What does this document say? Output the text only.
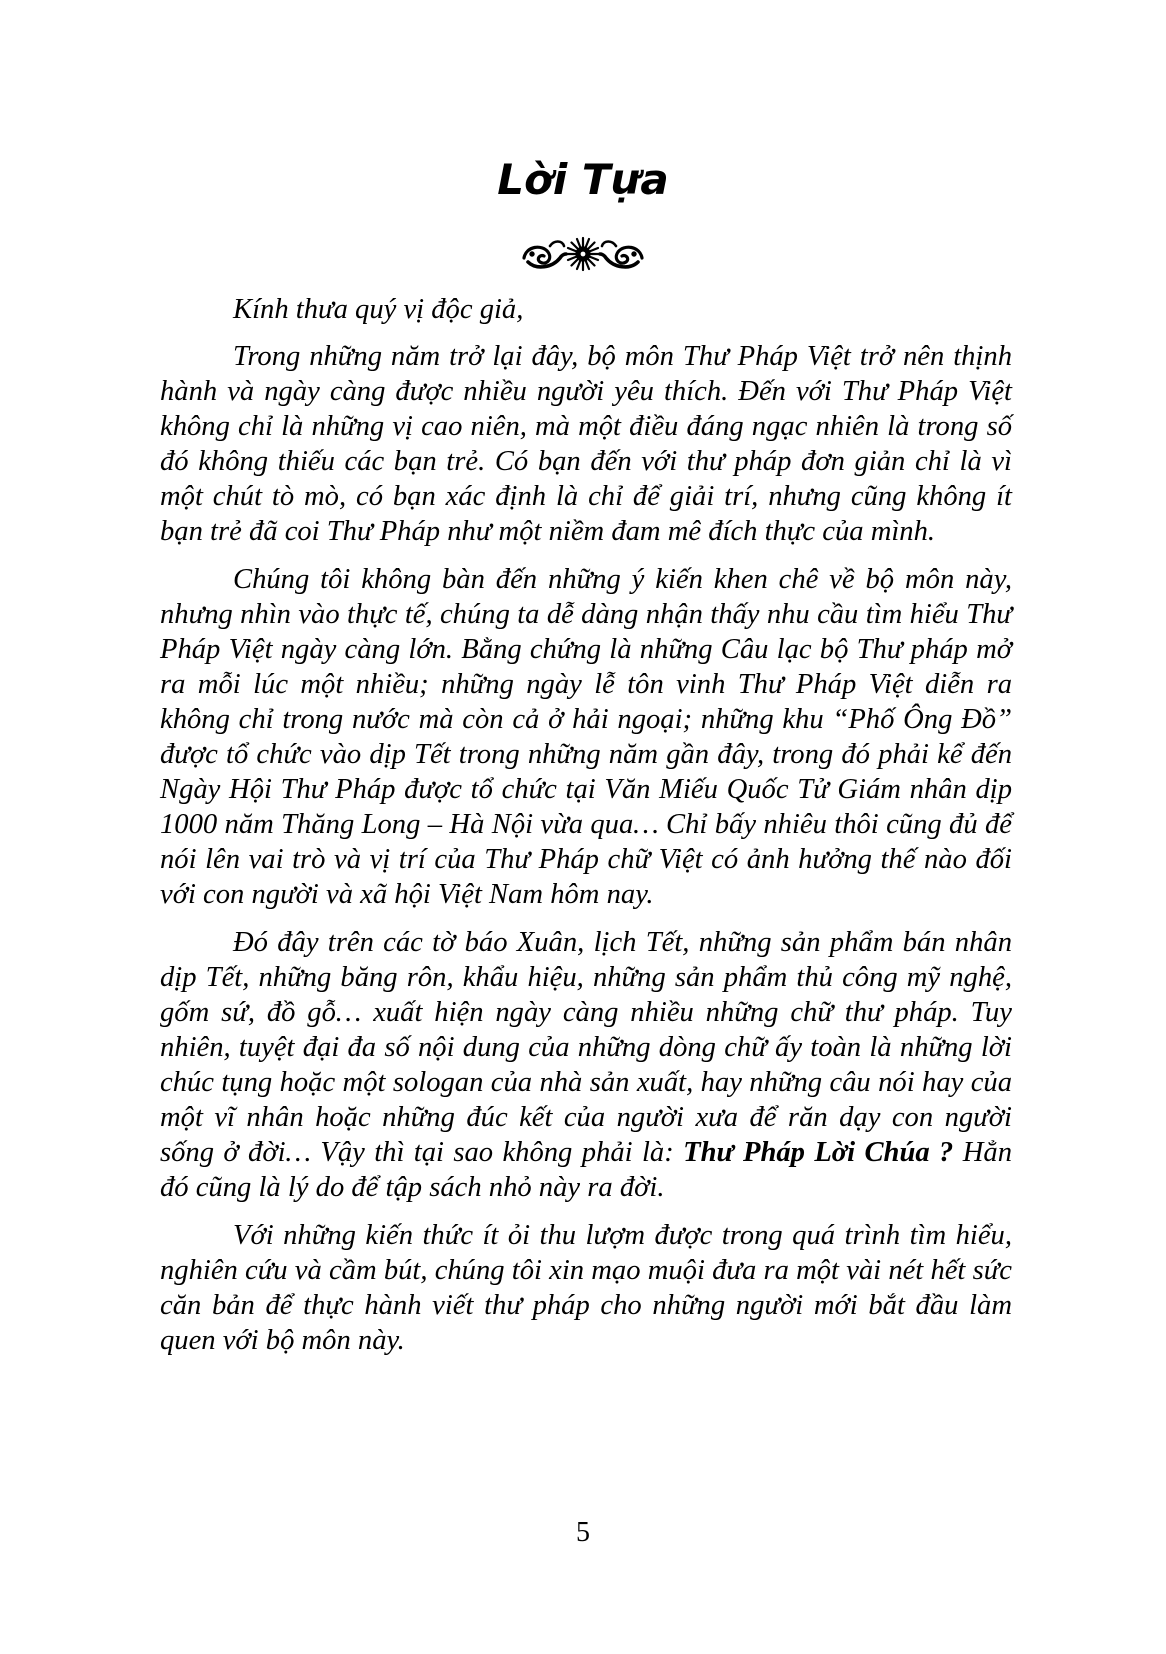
Lời Tựa

Kính thưa quý vị độc giả,

Trong những năm trở lại đây, bộ môn Thư Pháp Việt trở nên thịnh hành và ngày càng được nhiều người yêu thích. Đến với Thư Pháp Việt không chỉ là những vị cao niên, mà một điều đáng ngạc nhiên là trong số đó không thiếu các bạn trẻ. Có bạn đến với thư pháp đơn giản chỉ là vì một chút tò mò, có bạn xác định là chỉ để giải trí, nhưng cũng không ít bạn trẻ đã coi Thư Pháp như một niềm đam mê đích thực của mình.

Chúng tôi không bàn đến những ý kiến khen chê về bộ môn này, nhưng nhìn vào thực tế, chúng ta dễ dàng nhận thấy nhu cầu tìm hiểu Thư Pháp Việt ngày càng lớn. Bằng chứng là những Câu lạc bộ Thư pháp mở ra mỗi lúc một nhiều; những ngày lễ tôn vinh Thư Pháp Việt diễn ra không chỉ trong nước mà còn cả ở hải ngoại; những khu “Phố Ông Đồ” được tổ chức vào dịp Tết trong những năm gần đây, trong đó phải kể đến Ngày Hội Thư Pháp được tổ chức tại Văn Miếu Quốc Tử Giám nhân dịp 1000 năm Thăng Long – Hà Nội vừa qua… Chỉ bấy nhiêu thôi cũng đủ để nói lên vai trò và vị trí của Thư Pháp chữ Việt có ảnh hưởng thế nào đối với con người và xã hội Việt Nam hôm nay.

Đó đây trên các tờ báo Xuân, lịch Tết, những sản phẩm bán nhân dịp Tết, những băng rôn, khẩu hiệu, những sản phẩm thủ công mỹ nghệ, gốm sứ, đồ gỗ… xuất hiện ngày càng nhiều những chữ thư pháp. Tuy nhiên, tuyệt đại đa số nội dung của những dòng chữ ấy toàn là những lời chúc tụng hoặc một sologan của nhà sản xuất, hay những câu nói hay của một vĩ nhân hoặc những đúc kết của người xưa để răn dạy con người sống ở đời… Vậy thì tại sao không phải là: Thư Pháp Lời Chúa ? Hẳn đó cũng là lý do để tập sách nhỏ này ra đời.

Với những kiến thức ít ỏi thu lượm được trong quá trình tìm hiểu, nghiên cứu và cầm bút, chúng tôi xin mạo muội đưa ra một vài nét hết sức căn bản để thực hành viết thư pháp cho những người mới bắt đầu làm quen với bộ môn này.

5
